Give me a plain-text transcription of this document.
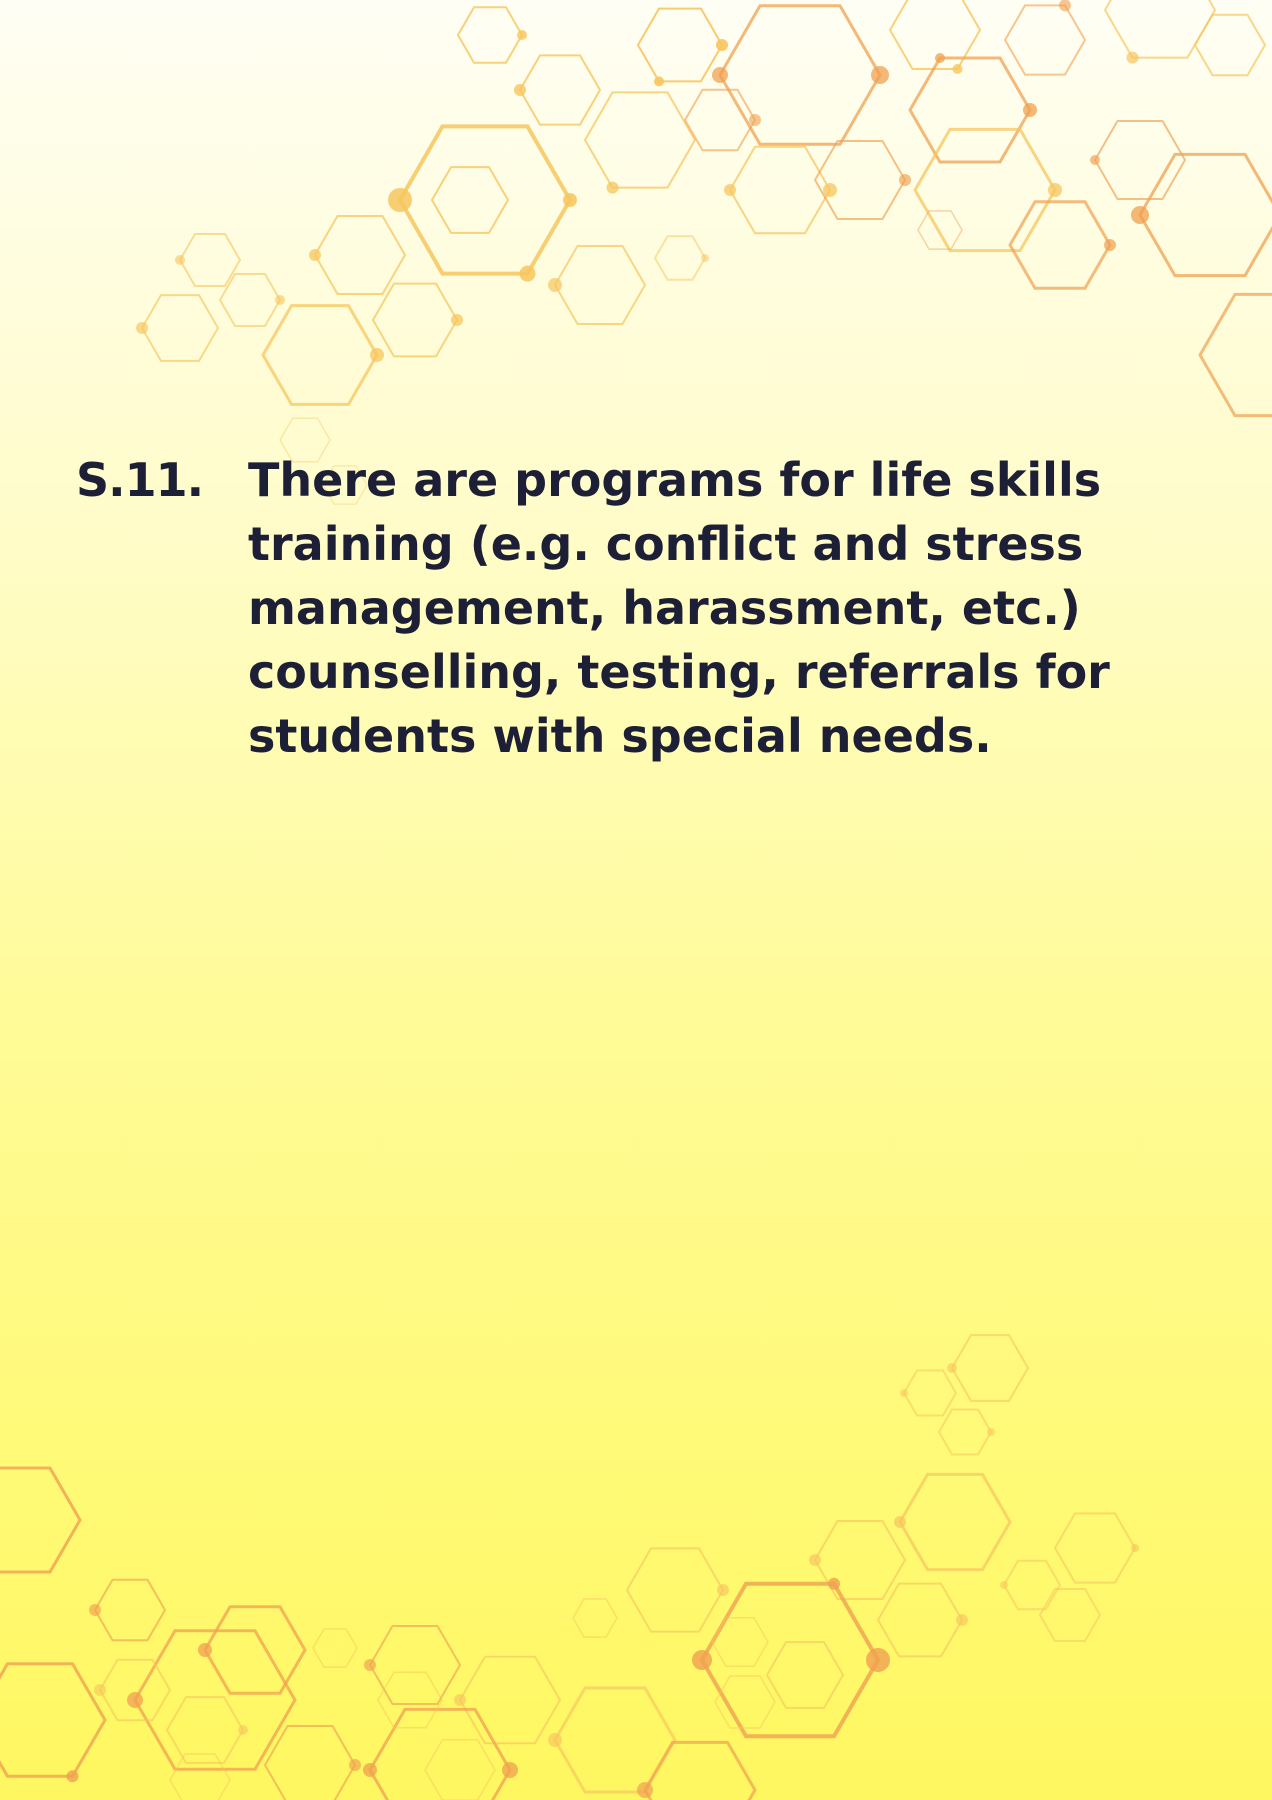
S.11. There are programs for life skills training (e.g. conflict and stress management, harassment, etc.) counselling, testing, referrals for students with special needs.
